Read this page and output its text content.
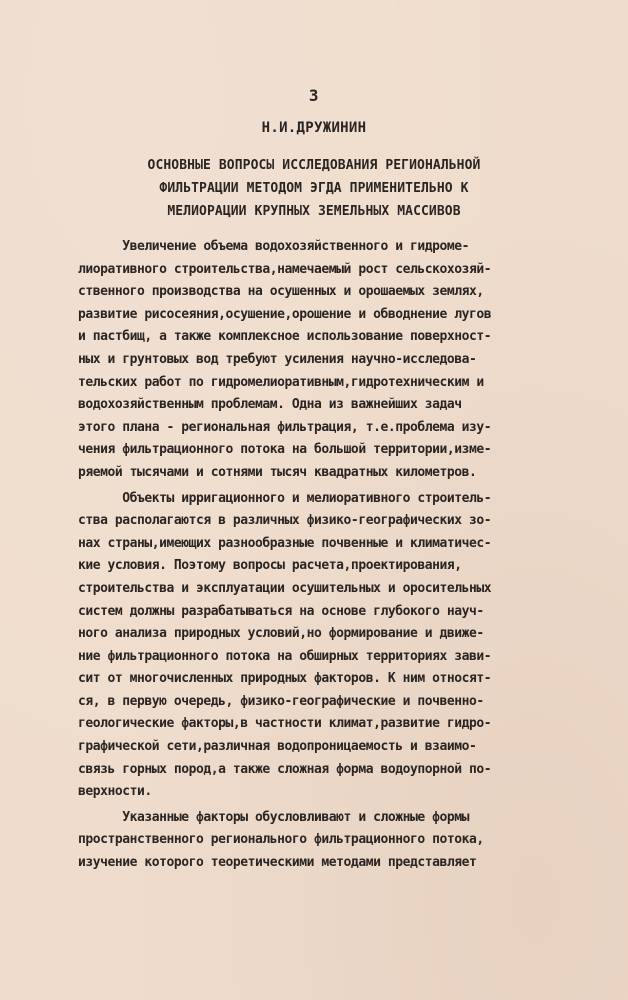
3
Н.И.ДРУЖИНИН
ОСНОВНЫЕ ВОПРОСЫ ИССЛЕДОВАНИЯ РЕГИОНАЛЬНОЙ
ФИЛЬТРАЦИИ МЕТОДОМ ЭГДА ПРИМЕНИТЕЛЬНО К
МЕЛИОРАЦИИ КРУПНЫХ ЗЕМЕЛЬНЫХ МАССИВОВ
Увеличение объема водохозяйственного и гидроме-
лиоративного строительства,намечаемый рост сельскохозяй-
ственного производства на осушенных и орошаемых землях,
развитие рисосеяния,осушение,орошение и обводнение лугов
и пастбищ, а также комплексное использование поверхност-
ных и грунтовых вод требуют усиления научно-исследова-
тельских работ по гидромелиоративным,гидротехническим и
водохозяйственным проблемам. Одна из важнейших задач
этого плана - региональная фильтрация, т.е.проблема изу-
чения фильтрационного потока на большой территории,изме-
ряемой тысячами и сотнями тысяч квадратных километров.
Объекты ирригационного и мелиоративного строитель-
ства располагаются в различных физико-географических зо-
нах страны,имеющих разнообразные почвенные и климатичес-
кие условия. Поэтому вопросы расчета,проектирования,
строительства и эксплуатации осушительных и оросительных
систем должны разрабатываться на основе глубокого науч-
ного анализа природных условий,но формирование и движе-
ние фильтрационного потока на обширных территориях зави-
сит от многочисленных природных факторов. К ним относят-
ся, в первую очередь, физико-географические и почвенно-
геологические факторы,в частности климат,развитие гидро-
графической сети,различная водопроницаемость и взаимо-
связь горных пород,а также сложная форма водоупорной по-
верхности.
Указанные факторы обусловливают и сложные формы
пространственного регионального фильтрационного потока,
изучение которого теоретическими методами представляет
